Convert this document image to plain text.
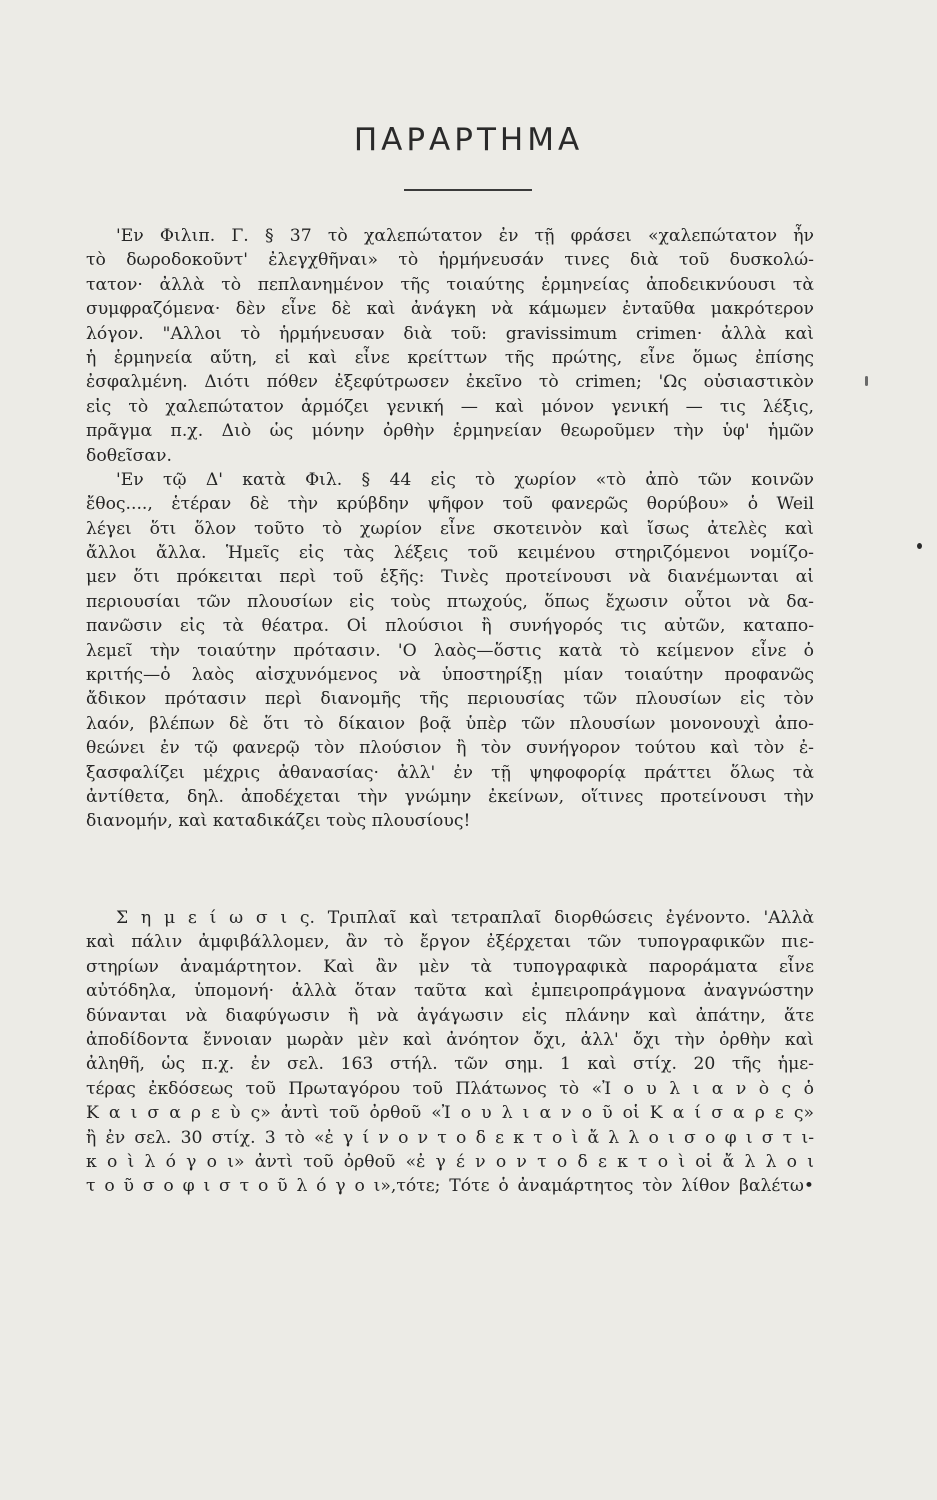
ΠΑΡΑΡΤΗΜΑ
'Εν Φιλιπ. Γ. § 37 τὸ χαλεπώτατον ἐν τῇ φράσει «χαλεπώτατον ἦν
τὸ δωροδοκοῦντ' ἐλεγχθῆναι» τὸ ἡρμήνευσάν τινες διὰ τοῦ δυσκολώ-
τατον· ἀλλὰ τὸ πεπλανημένον τῆς τοιαύτης ἑρμηνείας ἀποδεικνύουσι τὰ
συμφραζόμενα· δὲν εἶνε δὲ καὶ ἀνάγκη νὰ κάμωμεν ἐνταῦθα μακρότερον
λόγον. "Αλλοι τὸ ἡρμήνευσαν διὰ τοῦ: gravissimum crimen· ἀλλὰ καὶ
ἡ ἑρμηνεία αὕτη, εἰ καὶ εἶνε κρείττων τῆς πρώτης, εἶνε ὅμως ἐπίσης
ἐσφαλμένη. Διότι πόθεν ἐξεφύτρωσεν ἐκεῖνο τὸ crimen; 'Ως οὐσιαστικὸν
εἰς τὸ χαλεπώτατον ἁρμόζει γενική — καὶ μόνον γενική — τις λέξις,
πρᾶγμα π.χ. Διὸ ὡς μόνην ὀρθὴν ἑρμηνείαν θεωροῦμεν τὴν ὑφ' ἡμῶν
δοθεῖσαν.
'Εν τῷ Δ' κατὰ Φιλ. § 44 εἰς τὸ χωρίον «τὸ ἀπὸ τῶν κοινῶν
ἔθος...., ἑτέραν δὲ τὴν κρύβδην ψῆφον τοῦ φανερῶς θορύβου» ὁ Weil
λέγει ὅτι ὅλον τοῦτο τὸ χωρίον εἶνε σκοτεινὸν καὶ ἴσως ἀτελὲς καὶ
ἄλλοι ἄλλα. Ἡμεῖς εἰς τὰς λέξεις τοῦ κειμένου στηριζόμενοι νομίζο-
μεν ὅτι πρόκειται περὶ τοῦ ἑξῆς: Τινὲς προτείνουσι νὰ διανέμωνται αἱ
περιουσίαι τῶν πλουσίων εἰς τοὺς πτωχούς, ὅπως ἔχωσιν οὗτοι νὰ δα-
πανῶσιν εἰς τὰ θέατρα. Οἱ πλούσιοι ἢ συνήγορός τις αὐτῶν, καταπο-
λεμεῖ τὴν τοιαύτην πρότασιν. 'Ο λαὸς—ὅστις κατὰ τὸ κείμενον εἶνε ὁ
κριτής—ὁ λαὸς αἰσχυνόμενος νὰ ὑποστηρίξῃ μίαν τοιαύτην προφανῶς
ἄδικον πρότασιν περὶ διανομῆς τῆς περιουσίας τῶν πλουσίων εἰς τὸν
λαόν, βλέπων δὲ ὅτι τὸ δίκαιον βοᾷ ὑπὲρ τῶν πλουσίων μονονουχὶ ἀπο-
θεώνει ἐν τῷ φανερῷ τὸν πλούσιον ἢ τὸν συνήγορον τούτου καὶ τὸν ἐ-
ξασφαλίζει μέχρις ἀθανασίας· ἀλλ' ἐν τῇ ψηφοφορίᾳ πράττει ὅλως τὰ
ἀντίθετα, δηλ. ἀποδέχεται τὴν γνώμην ἐκείνων, οἵτινες προτείνουσι τὴν
διανομήν, καὶ καταδικάζει τοὺς πλουσίους!
Σ η μ ε ί ω σ ι ς. Τριπλαῖ καὶ τετραπλαῖ διορθώσεις ἐγένοντο. 'Αλλὰ
καὶ πάλιν ἀμφιβάλλομεν, ἂν τὸ ἔργον ἐξέρχεται τῶν τυπογραφικῶν πιε-
στηρίων ἀναμάρτητον. Καὶ ἂν μὲν τὰ τυπογραφικὰ παροράματα εἶνε
αὐτόδηλα, ὑπομονή· ἀλλὰ ὅταν ταῦτα καὶ ἐμπειροπράγμονα ἀναγνώστην
δύνανται νὰ διαφύγωσιν ἢ νὰ ἀγάγωσιν εἰς πλάνην καὶ ἀπάτην, ἅτε
ἀποδίδοντα ἔννοιαν μωρὰν μὲν καὶ ἀνόητον ὄχι, ἀλλ' ὄχι τὴν ὀρθὴν καὶ
ἀληθῆ, ὡς π.χ. ἐν σελ. 163 στήλ. τῶν σημ. 1 καὶ στίχ. 20 τῆς ἡμε-
τέρας ἐκδόσεως τοῦ Πρωταγόρου τοῦ Πλάτωνος τὸ «Ἰ ο υ λ ι α ν ὸ ς ὁ
Κ α ι σ α ρ ε ὺ ς» ἀντὶ τοῦ ὀρθοῦ «Ἰ ο υ λ ι α ν ο ῦ οἱ Κ α ί σ α ρ ε ς»
ἢ ἐν σελ. 30 στίχ. 3 τὸ «ἐ γ ί ν ο ν τ ο δ ε κ τ ο ὶ ἄ λ λ ο ι σ ο φ ι σ τ ι-
κ ο ὶ λ ό γ ο ι» ἀντὶ τοῦ ὀρθοῦ «ἐ γ έ ν ο ν τ ο δ ε κ τ ο ὶ οἱ ἄ λ λ ο ι
τ ο ῦ σ ο φ ι σ τ ο ῦ λ ό γ ο ι»,τότε; Τότε ὁ ἀναμάρτητος τὸν λίθον βαλέτω•
